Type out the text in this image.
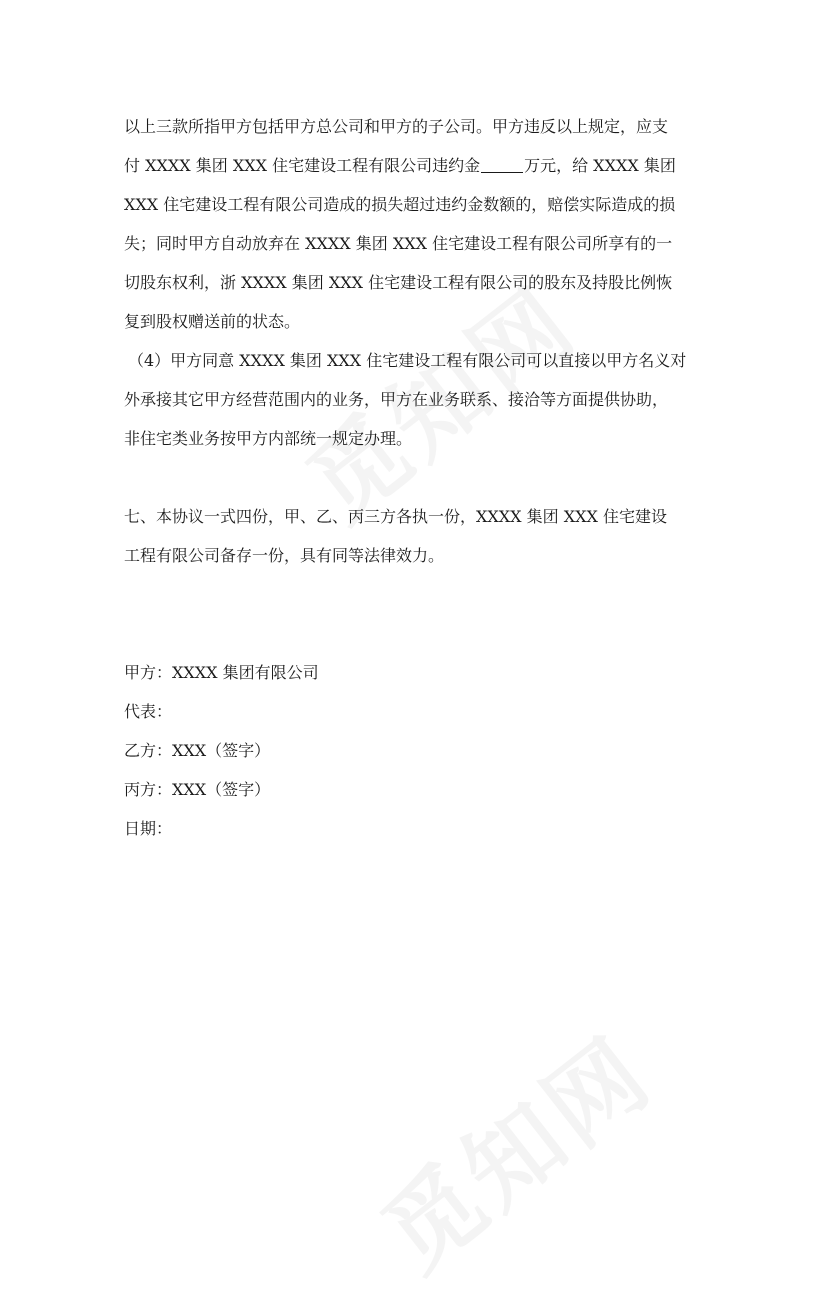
以上三款所指甲方包括甲方总公司和甲方的子公司。甲方违反以上规定，应支
付 XXXX 集团 XXX 住宅建设工程有限公司违约金	万元，给 XXXX 集团
XXX 住宅建设工程有限公司造成的损失超过违约金数额的，赔偿实际造成的损
失；同时甲方自动放弃在 XXXX 集团 XXX 住宅建设工程有限公司所享有的一
切股东权利，浙 XXXX 集团 XXX 住宅建设工程有限公司的股东及持股比例恢
复到股权赠送前的状态。
（4）甲方同意 XXXX 集团 XXX 住宅建设工程有限公司可以直接以甲方名义对
外承接其它甲方经营范围内的业务，甲方在业务联系、接洽等方面提供协助，
非住宅类业务按甲方内部统一规定办理。
七、本协议一式四份，甲、乙、丙三方各执一份，XXXX 集团 XXX 住宅建设
工程有限公司备存一份，具有同等法律效力。
甲方：XXXX 集团有限公司
代表：
乙方：XXX（签字）
丙方：XXX（签字）
日期：
